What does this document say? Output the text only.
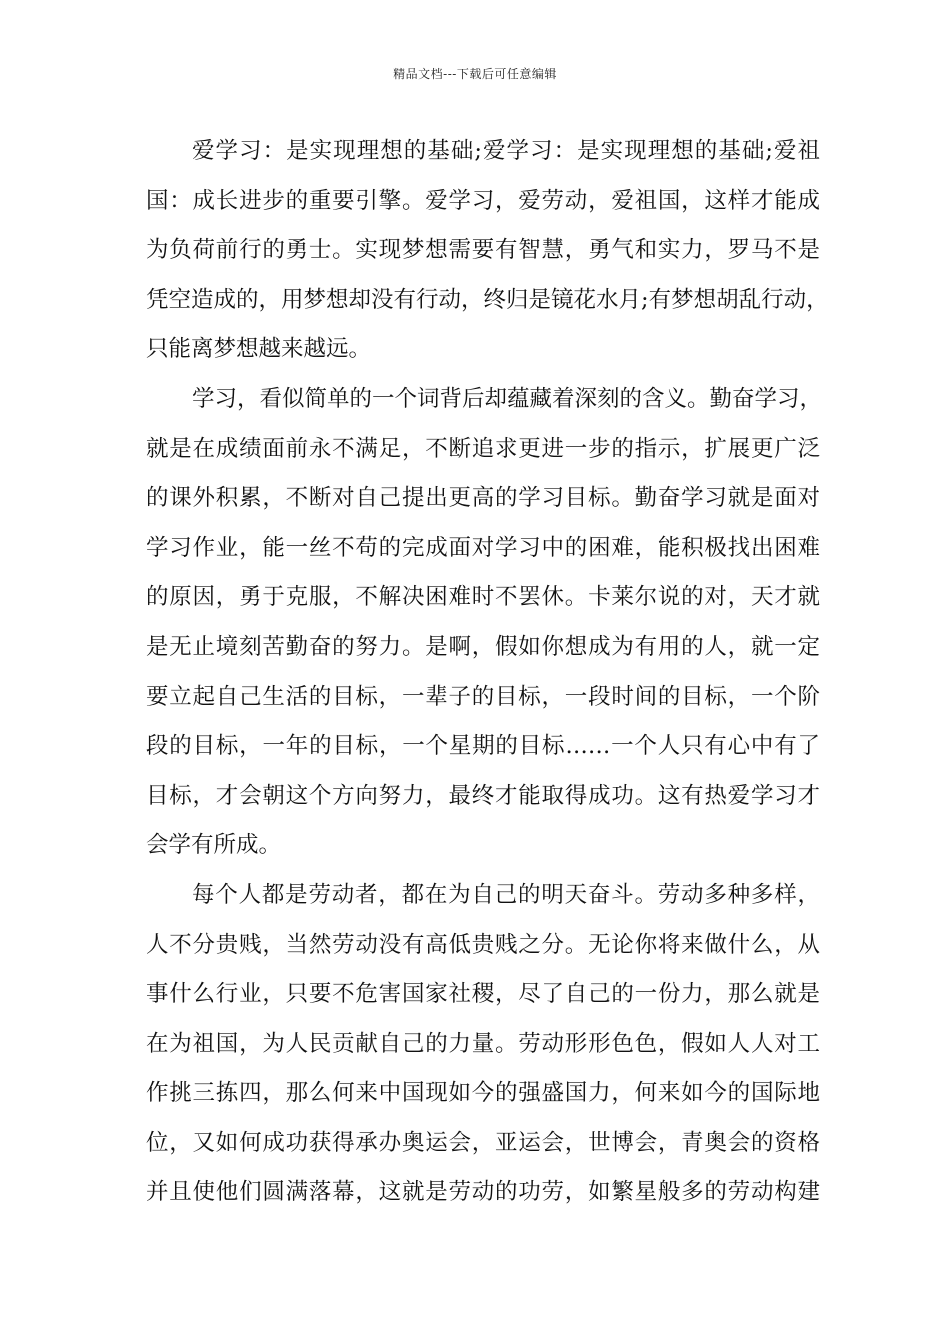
精品文档---下载后可任意编辑
爱学习：是实现理想的基础;爱学习：是实现理想的基础;爱祖
国：成长进步的重要引擎。爱学习，爱劳动，爱祖国，这样才能成
为负荷前行的勇士。实现梦想需要有智慧，勇气和实力，罗马不是
凭空造成的，用梦想却没有行动，终归是镜花水月;有梦想胡乱行动，
只能离梦想越来越远。
学习，看似简单的一个词背后却蕴藏着深刻的含义。勤奋学习，
就是在成绩面前永不满足，不断追求更进一步的指示，扩展更广泛
的课外积累，不断对自己提出更高的学习目标。勤奋学习就是面对
学习作业，能一丝不苟的完成面对学习中的困难，能积极找出困难
的原因，勇于克服，不解决困难时不罢休。卡莱尔说的对，天才就
是无止境刻苦勤奋的努力。是啊，假如你想成为有用的人，就一定
要立起自己生活的目标，一辈子的目标，一段时间的目标，一个阶
段的目标，一年的目标，一个星期的目标……一个人只有心中有了
目标，才会朝这个方向努力，最终才能取得成功。这有热爱学习才
会学有所成。
每个人都是劳动者，都在为自己的明天奋斗。劳动多种多样，
人不分贵贱，当然劳动没有高低贵贱之分。无论你将来做什么，从
事什么行业，只要不危害国家社稷，尽了自己的一份力，那么就是
在为祖国，为人民贡献自己的力量。劳动形形色色，假如人人对工
作挑三拣四，那么何来中国现如今的强盛国力，何来如今的国际地
位，又如何成功获得承办奥运会，亚运会，世博会，青奥会的资格
并且使他们圆满落幕，这就是劳动的功劳，如繁星般多的劳动构建
